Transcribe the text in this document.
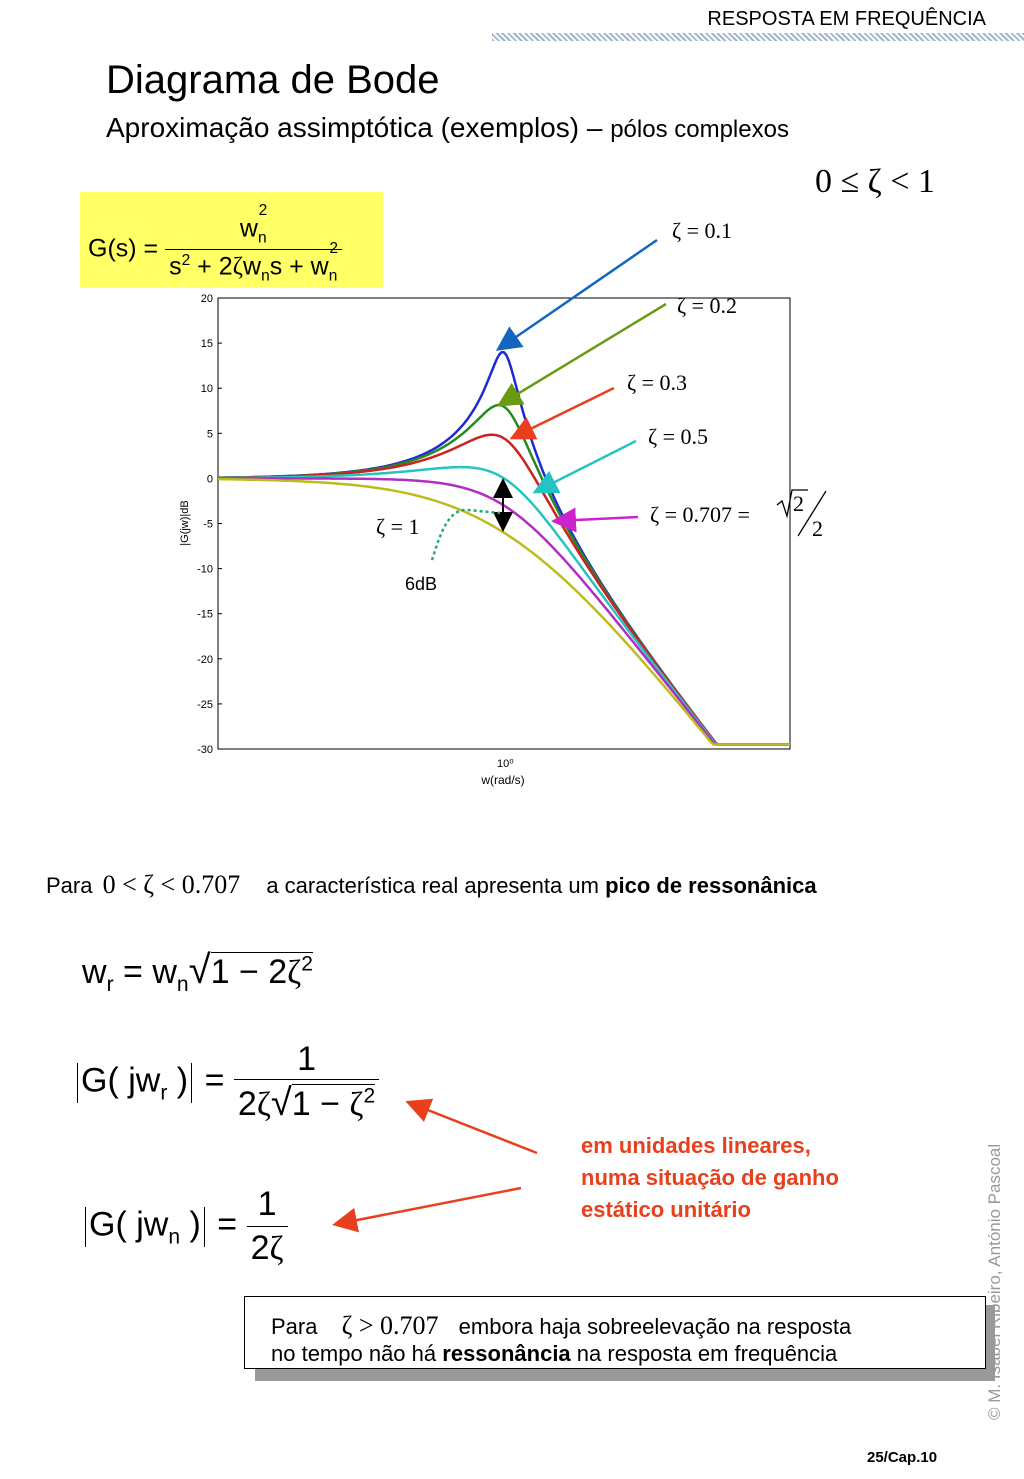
RESPOSTA EM FREQUÊNCIA
Diagrama de Bode
Aproximação assimptótica (exemplos) – pólos complexos
0 ≤ ζ < 1
$G(s) = \frac{w_n^2}{s^2 + 2\zeta w_ns + w_n^2}$
20
15
10
5
0
-5
-10
-15
-20
-25
-30
10⁰
w(rad/s)
|G(jw)|dB
ζ = 0.1
ζ = 0.2
ζ = 0.3
ζ = 0.5
ζ = 0.707 = 2
2
ζ = 1
6dB
Para 0 < ζ < 0.707 a característica real apresenta um pico de ressonânica
$w_r = w_n√1 - 2\zeta^2$
G( $jw_r$ ) = $\frac{1}{2\zeta√1 - \zeta^2}$
G( $jw_n$ ) = $\frac{1}{2\zeta}$
em unidades lineares,
numa situação de ganho
estático unitário
Para ζ > 0.707 embora haja sobreelevação na resposta
no tempo não há ressonância na resposta em frequência	© M. Isabel Ribeiro, António Pascoal
25/Cap.10
